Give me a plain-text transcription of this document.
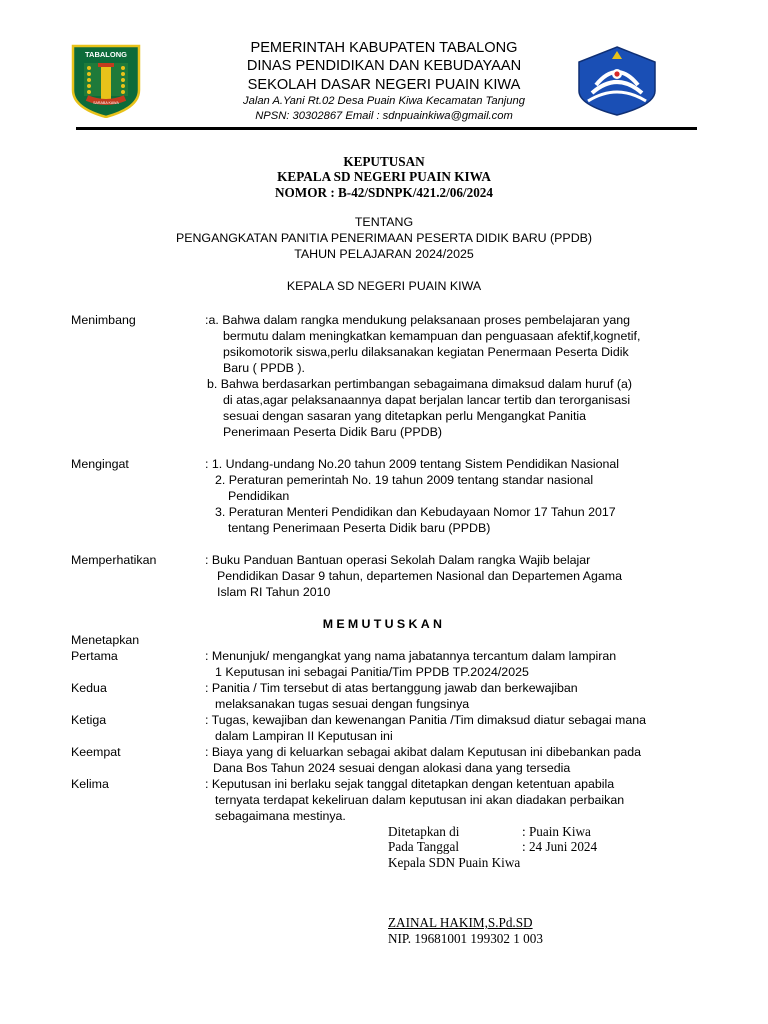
TABALONG
SARABA KAWA
PEMERINTAH KABUPATEN TABALONG
DINAS PENDIDIKAN DAN KEBUDAYAAN
SEKOLAH DASAR NEGERI PUAIN KIWA
Jalan A.Yani Rt.02 Desa Puain Kiwa Kecamatan Tanjung
NPSN: 30302867 Email : sdnpuainkiwa@gmail.com
KEPUTUSAN
KEPALA SD NEGERI PUAIN KIWA
NOMOR : B-42/SDNPK/421.2/06/2024
TENTANG
PENGANGKATAN PANITIA PENERIMAAN PESERTA DIDIK BARU (PPDB)
TAHUN PELAJARAN 2024/2025
KEPALA SD NEGERI PUAIN KIWA
Menimbang	:a. Bahwa dalam rangka mendukung pelaksanaan proses pembelajaran yang
bermutu dalam meningkatkan kemampuan dan penguasaan afektif,kognetif,
psikomotorik siswa,perlu dilaksanakan kegiatan Penermaan Peserta Didik
Baru ( PPDB ).
b. Bahwa berdasarkan pertimbangan sebagaimana dimaksud dalam huruf (a)
di atas,agar pelaksanaannya dapat berjalan lancar tertib dan terorganisasi
sesuai dengan sasaran yang ditetapkan perlu Mengangkat Panitia
Penerimaan Peserta Didik Baru (PPDB)
Mengingat	: 1. Undang-undang No.20 tahun 2009 tentang Sistem Pendidikan Nasional
2. Peraturan pemerintah No. 19 tahun 2009 tentang standar nasional
Pendidikan
3. Peraturan Menteri Pendidikan dan Kebudayaan Nomor 17 Tahun 2017
tentang Penerimaan Peserta Didik baru (PPDB)
Memperhatikan	: Buku Panduan Bantuan operasi Sekolah Dalam rangka Wajib belajar
Pendidikan Dasar 9 tahun, departemen Nasional dan Departemen Agama
Islam RI Tahun 2010
MEMUTUSKAN
Menetapkan
Pertama	: Menunjuk/ mengangkat yang nama jabatannya tercantum dalam lampiran
1 Keputusan ini sebagai Panitia/Tim PPDB TP.2024/2025
Kedua	: Panitia / Tim tersebut di atas bertanggung jawab dan berkewajiban
melaksanakan tugas sesuai dengan fungsinya
Ketiga	: Tugas, kewajiban dan kewenangan Panitia /Tim dimaksud diatur sebagai mana
dalam Lampiran II Keputusan ini
Keempat	: Biaya yang di keluarkan sebagai akibat dalam Keputusan ini dibebankan pada
Dana Bos Tahun 2024 sesuai dengan alokasi dana yang tersedia
Kelima	: Keputusan ini berlaku sejak tanggal ditetapkan dengan ketentuan apabila
ternyata terdapat kekeliruan dalam keputusan ini akan diadakan perbaikan
sebagaimana mestinya.
Ditetapkan di	: Puain Kiwa
Pada Tanggal	: 24 Juni 2024
Kepala SDN Puain Kiwa
ZAINAL HAKIM,S.Pd.SD
NIP. 19681001 199302 1 003
